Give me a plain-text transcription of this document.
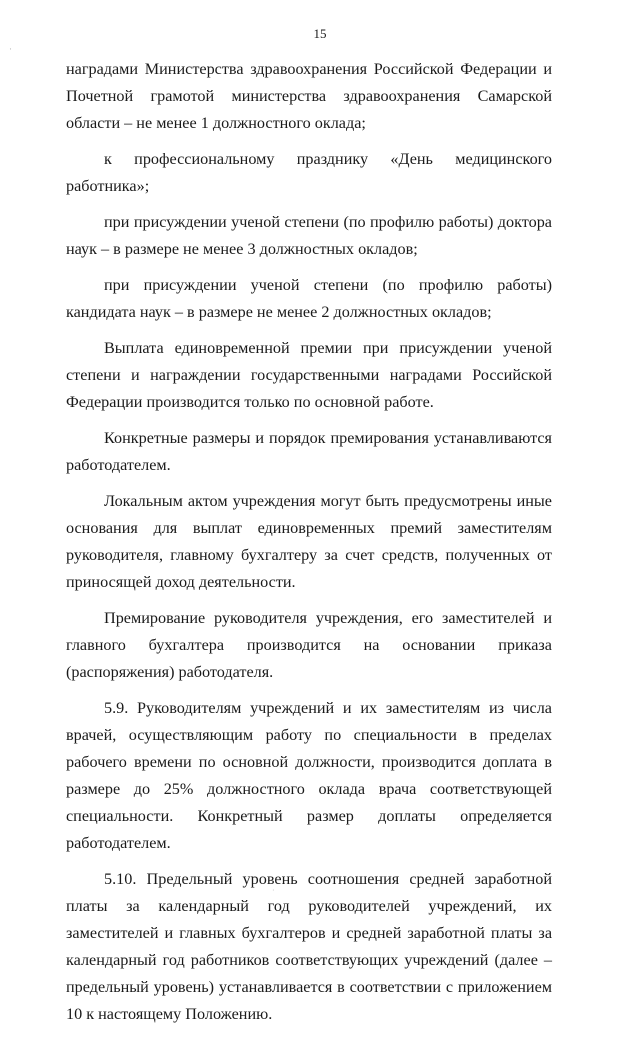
·
15

наградами Министерства здравоохранения Российской Федерации и Почетной грамотой министерства здравоохранения Самарской области – не менее 1 должностного оклада;

к профессиональному празднику «День медицинского работника»;

при присуждении ученой степени (по профилю работы) доктора наук – в размере не менее 3 должностных окладов;

при присуждении ученой степени (по профилю работы) кандидата наук – в размере не менее 2 должностных окладов;

Выплата единовременной премии при присуждении ученой степени и награждении государственными наградами Российской Федерации производится только по основной работе.

Конкретные размеры и порядок премирования устанавливаются работодателем.

Локальным актом учреждения могут быть предусмотрены иные основания для выплат единовременных премий заместителям руководителя, главному бухгалтеру за счет средств, полученных от приносящей доход деятельности.

Премирование руководителя учреждения, его заместителей и главного бухгалтера производится на основании приказа (распоряжения) работодателя.

5.9. Руководителям учреждений и их заместителям из числа врачей, осуществляющим работу по специальности в пределах рабочего времени по основной должности, производится доплата в размере до 25% должностного оклада врача соответствующей специальности. Конкретный размер доплаты определяется работодателем.

5.10. Предельный уровень соотношения средней заработной платы за календарный год руководителей учреждений, их заместителей и главных бухгалтеров и средней заработной платы за календарный год работников соответствующих учреждений (далее – предельный уровень) устанавливается в соответствии с приложением 10 к настоящему Положению.

·
